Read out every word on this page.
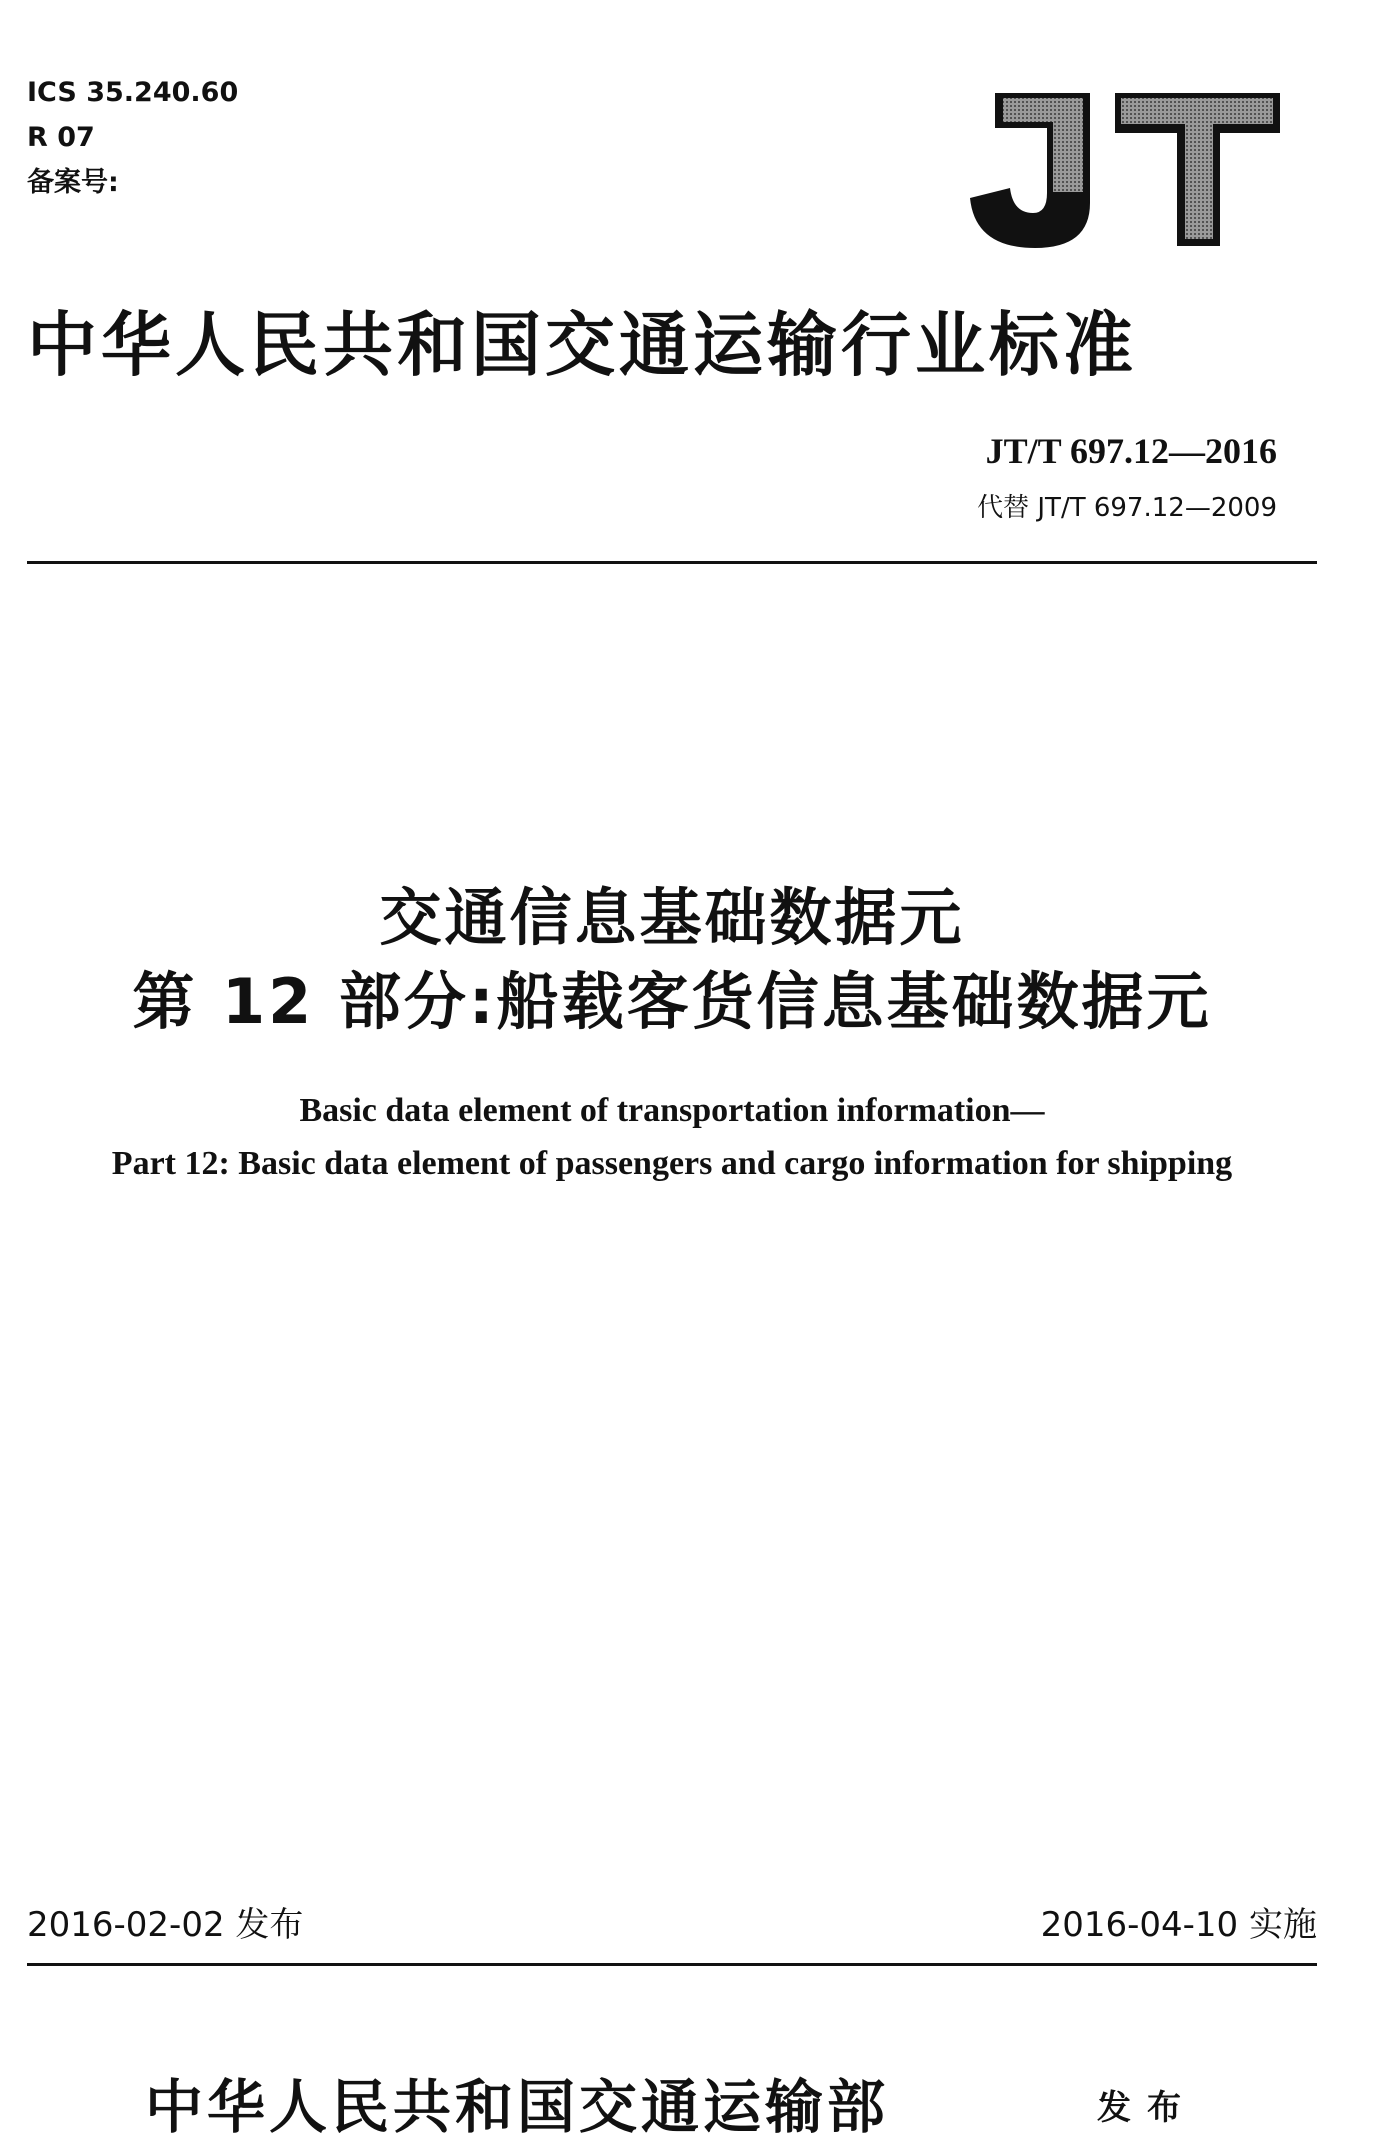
ICS 35.240.60
R 07
备案号:
中华人民共和国交通运输行业标准
JT/T 697.12—2016
代替 JT/T 697.12—2009
交通信息基础数据元
第 12 部分:船载客货信息基础数据元
Basic data element of transportation information—
Part 12: Basic data element of passengers and cargo information for shipping
2016-02-02 发布	2016-04-10 实施
中华人民共和国交通运输部	发布
